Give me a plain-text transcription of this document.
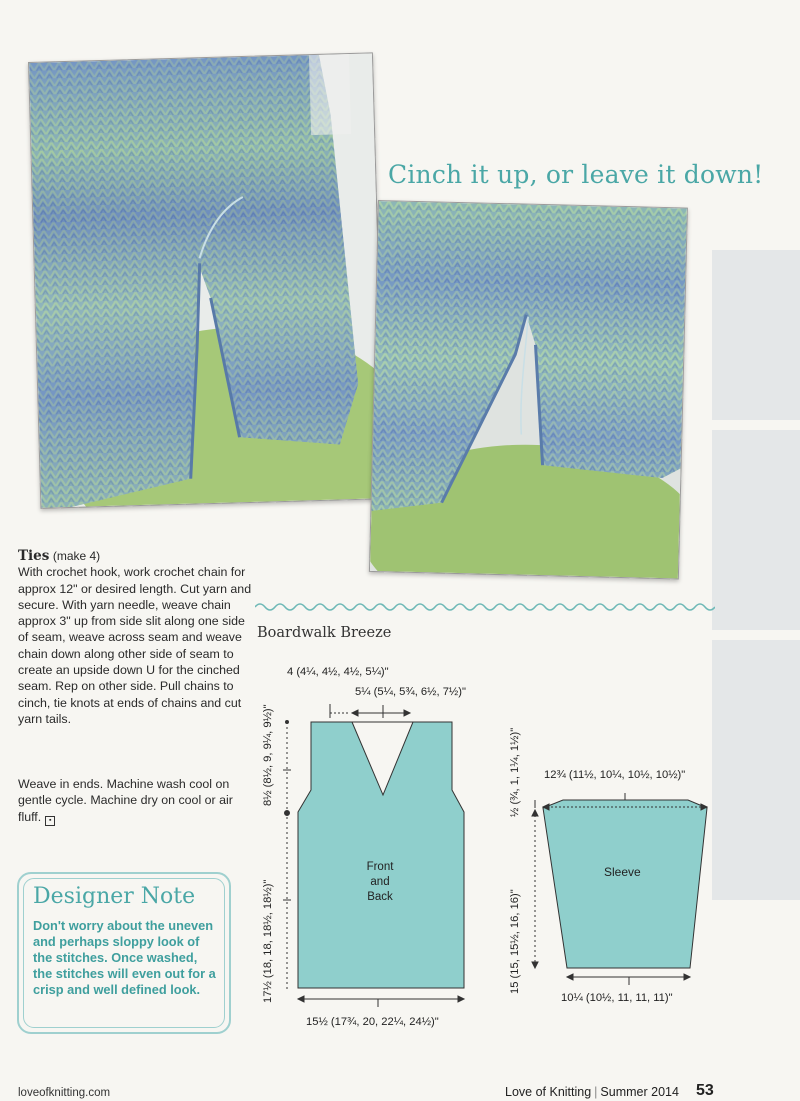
Cinch it up, or leave it down!
Ties (make 4)
With crochet hook, work crochet chain for approx 12" or desired length. Cut yarn and secure. With yarn needle, weave chain approx 3" up from side slit along one side of seam, weave across seam and weave chain down along other side of seam to create an upside down U for the cinched seam. Rep on other side. Pull chains to cinch, tie knots at ends of chains and cut yarn tails.
Weave in ends. Machine wash cool on gentle cycle. Machine dry on cool or air fluff. ▪
Designer Note

Don't worry about the uneven and perhaps sloppy look of the stitches. Once washed, the stitches will even out for a crisp and well defined look.

Boardwalk Breeze
4 (4¼, 4½, 4½, 5¼)"
5¼ (5¼, 5¾, 6½, 7½)"
Front
and
Back
8½ (8½, 9, 9¼, 9½)"
17½ (18, 18, 18½, 18½)"
15½ (17¾, 20, 22¼, 24½)"
12¾ (11½, 10¼, 10½, 10½)"
½ (¾, 1, 1¼, 1½)"
Sleeve
15 (15, 15½, 16, 16)"
10¼ (10½, 11, 11, 11)"
loveofknitting.com	Love of Knitting | Summer 2014 53
